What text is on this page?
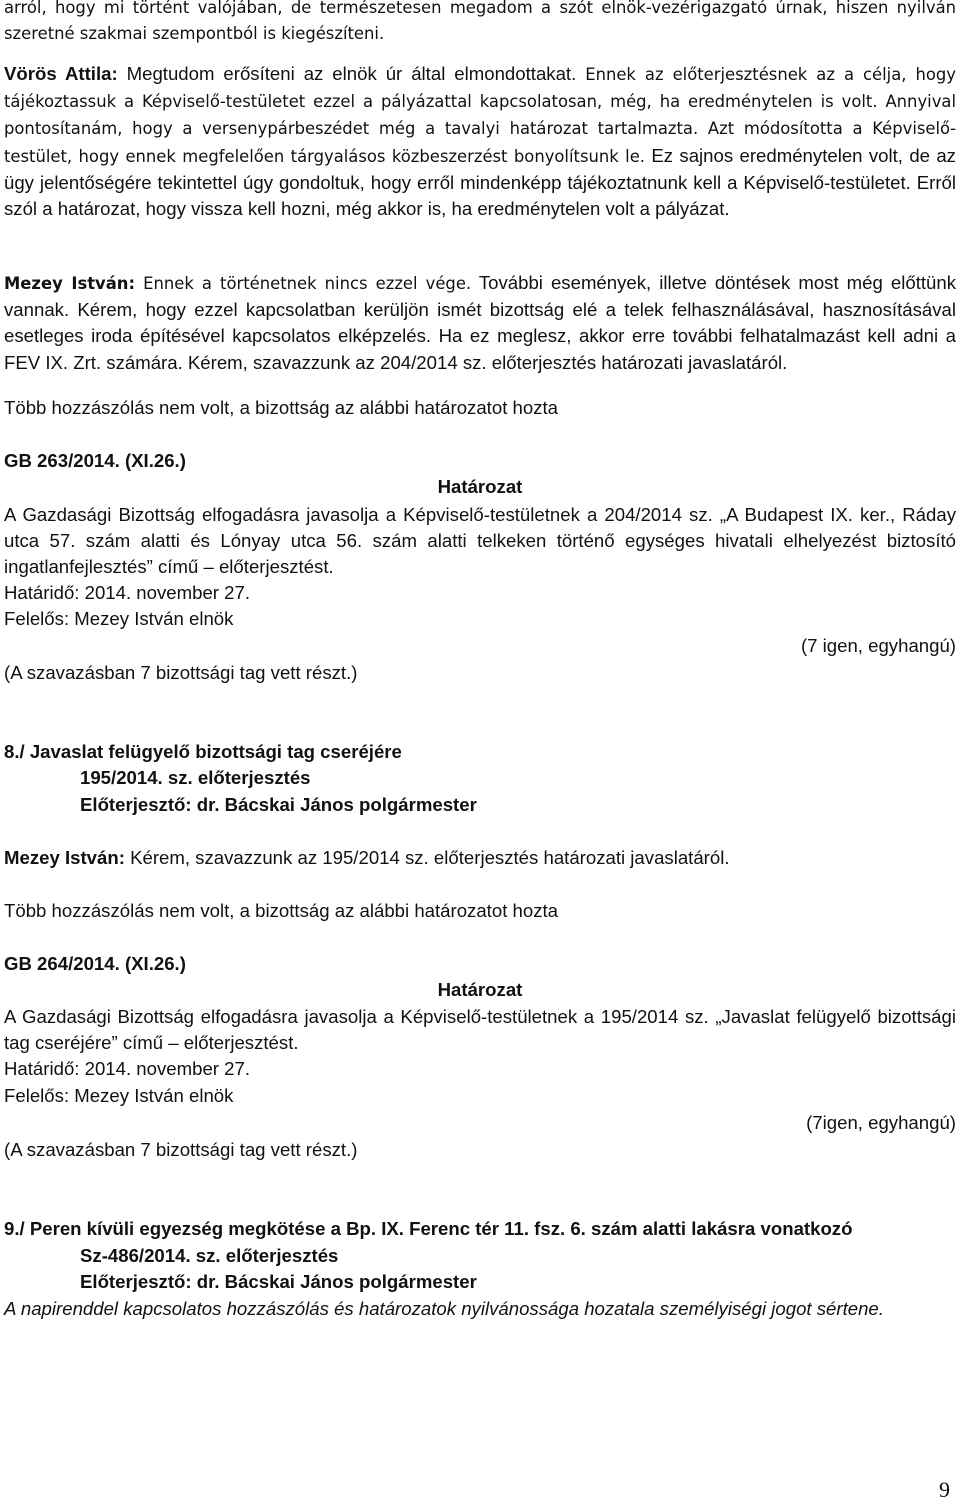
arról, hogy mi történt valójában, de természetesen megadom a szót elnök-vezérigazgató úrnak, hiszen nyilván szeretné szakmai szempontból is kiegészíteni.

Vörös Attila: Megtudom erősíteni az elnök úr által elmondottakat. Ennek az előterjesztésnek az a célja, hogy tájékoztassuk a Képviselő-testületet ezzel a pályázattal kapcsolatosan, még, ha eredménytelen is volt. Annyival pontosítanám, hogy a versenypárbeszédet még a tavalyi határozat tartalmazta. Azt módosította a Képviselő-testület, hogy ennek megfelelően tárgyalásos közbeszerzést bonyolítsunk le. Ez sajnos eredménytelen volt, de az ügy jelentőségére tekintettel úgy gondoltuk, hogy erről mindenképp tájékoztatnunk kell a Képviselő-testületet. Erről szól a határozat, hogy vissza kell hozni, még akkor is, ha eredménytelen volt a pályázat.

Mezey István: Ennek a történetnek nincs ezzel vége. További események, illetve döntések most még előttünk vannak. Kérem, hogy ezzel kapcsolatban kerüljön ismét bizottság elé a telek felhasználásával, hasznosításával esetleges iroda építésével kapcsolatos elképzelés. Ha ez meglesz, akkor erre további felhatalmazást kell adni a FEV IX. Zrt. számára. Kérem, szavazzunk az 204/2014 sz. előterjesztés határozati javaslatáról.

Több hozzászólás nem volt, a bizottság az alábbi határozatot hozta

GB 263/2014. (XI.26.)

Határozat

A Gazdasági Bizottság elfogadásra javasolja a Képviselő-testületnek a 204/2014 sz. „A Budapest IX. ker., Ráday utca 57. szám alatti és Lónyay utca 56. szám alatti telkeken történő egységes hivatali elhelyezést biztosító ingatlanfejlesztés” című – előterjesztést.

Határidő: 2014. november 27.

Felelős: Mezey István elnök

(7 igen, egyhangú)

(A szavazásban 7 bizottsági tag vett részt.)

8./ Javaslat felügyelő bizottsági tag cseréjére

195/2014. sz. előterjesztés

Előterjesztő: dr. Bácskai János polgármester

Mezey István: Kérem, szavazzunk az 195/2014 sz. előterjesztés határozati javaslatáról.

Több hozzászólás nem volt, a bizottság az alábbi határozatot hozta

GB 264/2014. (XI.26.)

Határozat

A Gazdasági Bizottság elfogadásra javasolja a Képviselő-testületnek a 195/2014 sz. „Javaslat felügyelő bizottsági tag cseréjére” című – előterjesztést.

Határidő: 2014. november 27.

Felelős: Mezey István elnök

(7igen, egyhangú)

(A szavazásban 7 bizottsági tag vett részt.)

9./ Peren kívüli egyezség megkötése a Bp. IX. Ferenc tér 11. fsz. 6. szám alatti lakásra vonatkozó

Sz-486/2014. sz. előterjesztés

Előterjesztő: dr. Bácskai János polgármester

A napirenddel kapcsolatos hozzászólás és határozatok nyilvánossága hozatala személyiségi jogot sértene.

9
